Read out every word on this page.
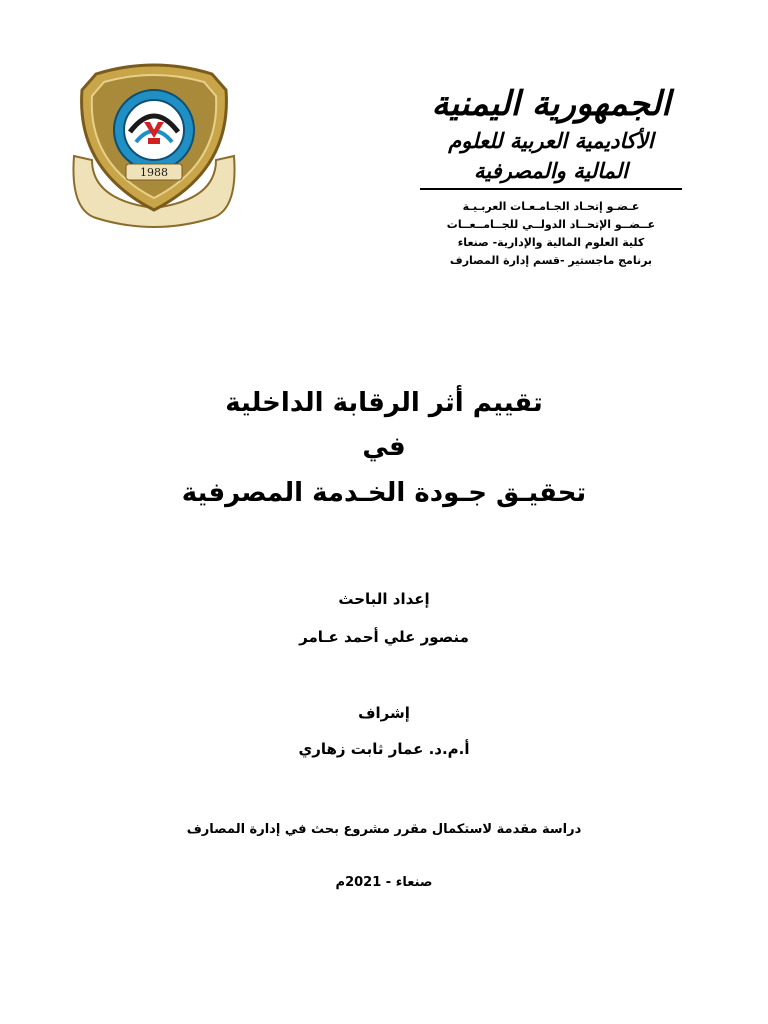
1988
الجمهورية اليمنية
الأكاديمية العربية للعلوم المالية والمصرفية
عـضـو إتحـاد الجـامـعـات العربـيـة
عــضــو الإتحــاد الدولــي للجــامــعــات
كلية العلوم المالية والإدارية- صنعاء
برنامج ماجستير -قسم إدارة المصارف
تقييم أثر الرقابة الداخلية
في
تحقيـق جـودة الخـدمة المصرفية
إعداد الباحث
منصور علي أحمد عـامر
إشراف
أ.م.د. عمار ثابت زهاري
دراسة مقدمة لاستكمال مقرر مشروع بحث في إدارة المصارف
صنعاء - 2021م
